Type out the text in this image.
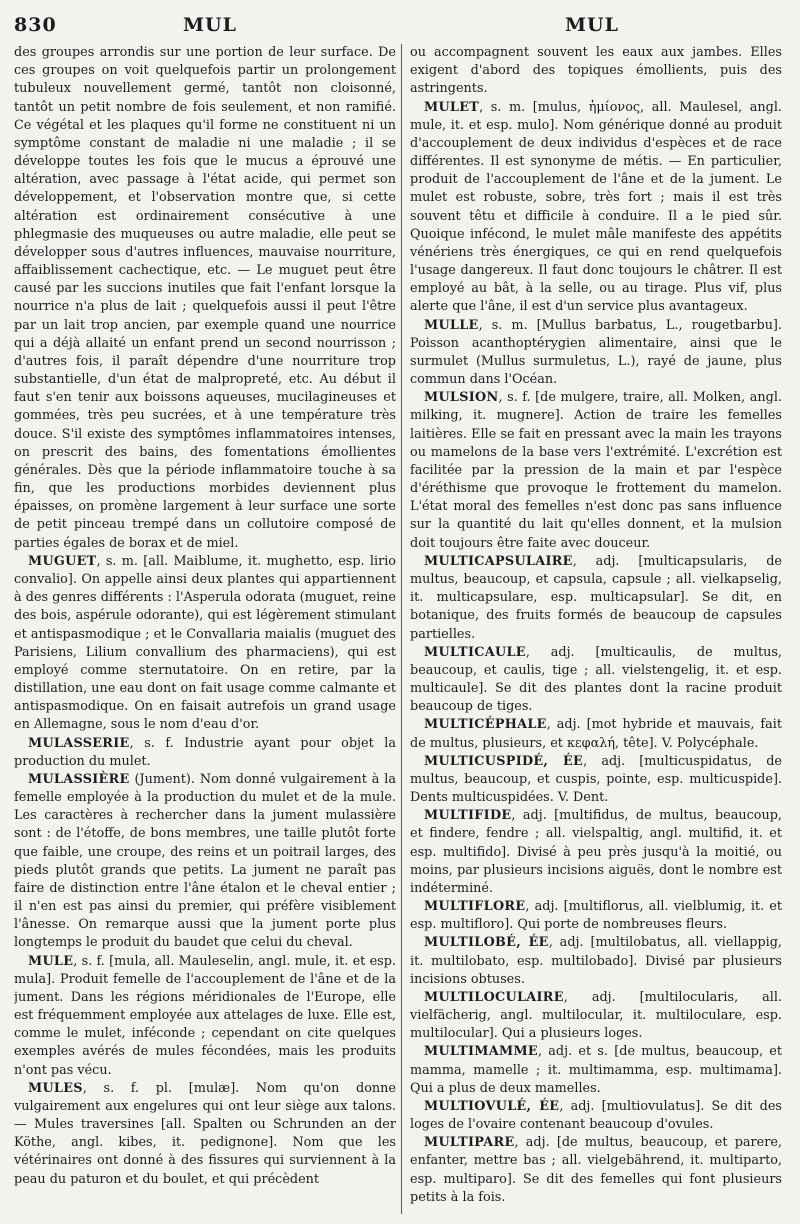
830	MUL	MUL

des groupes arrondis sur une portion de leur surface. De ces groupes on voit quelquefois partir un prolongement tubuleux nouvellement germé, tantôt non cloisonné, tantôt un petit nombre de fois seulement, et non ramifié. Ce végétal et les plaques qu'il forme ne constituent ni un symptôme constant de maladie ni une maladie ; il se développe toutes les fois que le mucus a éprouvé une altération, avec passage à l'état acide, qui permet son développement, et l'observation montre que, si cette altération est ordinairement consécutive à une phlegmasie des muqueuses ou autre maladie, elle peut se développer sous d'autres influences, mauvaise nourriture, affaiblissement cachectique, etc. — Le muguet peut être causé par les succions inutiles que fait l'enfant lorsque la nourrice n'a plus de lait ; quelquefois aussi il peut l'être par un lait trop ancien, par exemple quand une nourrice qui a déjà allaité un enfant prend un second nourrisson ; d'autres fois, il paraît dépendre d'une nourriture trop substantielle, d'un état de malpropreté, etc. Au début il faut s'en tenir aux boissons aqueuses, mucilagineuses et gommées, très peu sucrées, et à une température très douce. S'il existe des symptômes inflammatoires intenses, on prescrit des bains, des fomentations émollientes générales. Dès que la période inflammatoire touche à sa fin, que les productions morbides deviennent plus épaisses, on promène largement à leur surface une sorte de petit pinceau trempé dans un collutoire composé de parties égales de borax et de miel.

MUGUET, s. m. [all. Maiblume, it. mughetto, esp. lirio convalio]. On appelle ainsi deux plantes qui appartiennent à des genres différents : l'Asperula odorata (muguet, reine des bois, aspérule odorante), qui est légèrement stimulant et antispasmodique ; et le Convallaria maialis (muguet des Parisiens, Lilium convallium des pharmaciens), qui est employé comme sternutatoire. On en retire, par la distillation, une eau dont on fait usage comme calmante et antispasmodique. On en faisait autrefois un grand usage en Allemagne, sous le nom d'eau d'or.

MULASSERIE, s. f. Industrie ayant pour objet la production du mulet.

MULASSIÈRE (Jument). Nom donné vulgairement à la femelle employée à la production du mulet et de la mule. Les caractères à rechercher dans la jument mulassière sont : de l'étoffe, de bons membres, une taille plutôt forte que faible, une croupe, des reins et un poitrail larges, des pieds plutôt grands que petits. La jument ne paraît pas faire de distinction entre l'âne étalon et le cheval entier ; il n'en est pas ainsi du premier, qui préfère visiblement l'ânesse. On remarque aussi que la jument porte plus longtemps le produit du baudet que celui du cheval.

MULE, s. f. [mula, all. Mauleselin, angl. mule, it. et esp. mula]. Produit femelle de l'accouplement de l'âne et de la jument. Dans les régions méridionales de l'Europe, elle est fréquemment employée aux attelages de luxe. Elle est, comme le mulet, inféconde ; cependant on cite quelques exemples avérés de mules fécondées, mais les produits n'ont pas vécu.

MULES, s. f. pl. [mulæ]. Nom qu'on donne vulgairement aux engelures qui ont leur siège aux talons. — Mules traversines [all. Spalten ou Schrunden an der Köthe, angl. kibes, it. pedignone]. Nom que les vétérinaires ont donné à des fissures qui surviennent à la peau du paturon et du boulet, et qui précèdent

ou accompagnent souvent les eaux aux jambes. Elles exigent d'abord des topiques émollients, puis des astringents.

MULET, s. m. [mulus, ἡμίονος, all. Maulesel, angl. mule, it. et esp. mulo]. Nom générique donné au produit d'accouplement de deux individus d'espèces et de race différentes. Il est synonyme de métis. — En particulier, produit de l'accouplement de l'âne et de la jument. Le mulet est robuste, sobre, très fort ; mais il est très souvent têtu et difficile à conduire. Il a le pied sûr. Quoique infécond, le mulet mâle manifeste des appétits vénériens très énergiques, ce qui en rend quelquefois l'usage dangereux. Il faut donc toujours le châtrer. Il est employé au bât, à la selle, ou au tirage. Plus vif, plus alerte que l'âne, il est d'un service plus avantageux.

MULLE, s. m. [Mullus barbatus, L., rougetbarbu]. Poisson acanthoptérygien alimentaire, ainsi que le surmulet (Mullus surmuletus, L.), rayé de jaune, plus commun dans l'Océan.

MULSION, s. f. [de mulgere, traire, all. Molken, angl. milking, it. mugnere]. Action de traire les femelles laitières. Elle se fait en pressant avec la main les trayons ou mamelons de la base vers l'extrémité. L'excrétion est facilitée par la pression de la main et par l'espèce d'éréthisme que provoque le frottement du mamelon. L'état moral des femelles n'est donc pas sans influence sur la quantité du lait qu'elles donnent, et la mulsion doit toujours être faite avec douceur.

MULTICAPSULAIRE, adj. [multicapsularis, de multus, beaucoup, et capsula, capsule ; all. vielkapselig, it. multicapsulare, esp. multicapsular]. Se dit, en botanique, des fruits formés de beaucoup de capsules partielles.

MULTICAULE, adj. [multicaulis, de multus, beaucoup, et caulis, tige ; all. vielstengelig, it. et esp. multicaule]. Se dit des plantes dont la racine produit beaucoup de tiges.

MULTICÉPHALE, adj. [mot hybride et mauvais, fait de multus, plusieurs, et κεφαλή, tête]. V. Polycéphale.

MULTICUSPIDÉ, ÉE, adj. [multicuspidatus, de multus, beaucoup, et cuspis, pointe, esp. multicuspide]. Dents multicuspidées. V. Dent.

MULTIFIDE, adj. [multifidus, de multus, beaucoup, et findere, fendre ; all. vielspaltig, angl. multifid, it. et esp. multifido]. Divisé à peu près jusqu'à la moitié, ou moins, par plusieurs incisions aiguës, dont le nombre est indéterminé.

MULTIFLORE, adj. [multiflorus, all. vielblumig, it. et esp. multifloro]. Qui porte de nombreuses fleurs.

MULTILOBÉ, ÉE, adj. [multilobatus, all. viellappig, it. multilobato, esp. multilobado]. Divisé par plusieurs incisions obtuses.

MULTILOCULAIRE, adj. [multilocularis, all. vielfächerig, angl. multilocular, it. multiloculare, esp. multilocular]. Qui a plusieurs loges.

MULTIMAMME, adj. et s. [de multus, beaucoup, et mamma, mamelle ; it. multimamma, esp. multimama]. Qui a plus de deux mamelles.

MULTIOVULÉ, ÉE, adj. [multiovulatus]. Se dit des loges de l'ovaire contenant beaucoup d'ovules.

MULTIPARE, adj. [de multus, beaucoup, et parere, enfanter, mettre bas ; all. vielgebährend, it. multiparto, esp. multiparo]. Se dit des femelles qui font plusieurs petits à la fois.
